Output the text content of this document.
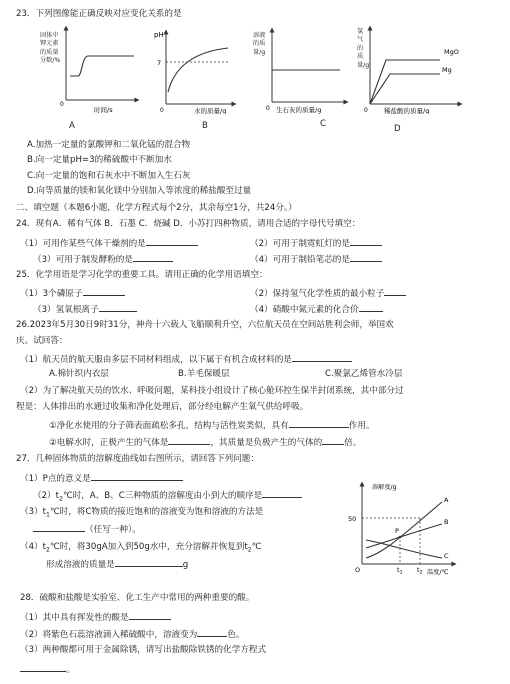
23．下列图像能正确反映对应变化关系的是
0
时间/s
固体中钾元素的质量分数/%
A
pH
7
0	水的质量/g
B
0 生石灰的质量/g
溶液的质量/g
C
0
MgO
Mg
稀盐酸的质量/g
氢气的质量/g
D
A.加热一定量的氯酸钾和二氧化锰的混合物
B.向一定量pH=3的稀硫酸中不断加水
C.向一定量的饱和石灰水中不断加入生石灰
D.向等质量的镁和氧化镁中分别加入等浓度的稀盐酸至过量
二、填空题（本题6小题，化学方程式每个2分，其余每空1分，共24分。）
24．现有A．稀有气体 B．石墨 C．烧碱 D．小苏打四种物质，请用合适的字母代号填空：
（1）可用作某些气体干燥剂的是	（2）可用于制霓虹灯的是
（3）可用于制发酵粉的是	（4）可用于制铅笔芯的是
25．化学用语是学习化学的重要工具。请用正确的化学用语填空：
（1）3个磷原子	（2）保持氢气化学性质的最小粒子
（3）氢氧根离子	（4）硝酸中氮元素的化合价
26.2023年5月30日9时31分，神舟十六载人飞船顺利升空，六位航天员在空间站胜利会师，举国欢
庆。试回答：
（1）航天员的航天服由多层不同材料组成，以下属于有机合成材料的是
A.棉针织内衣层	B.羊毛保暖层	C.聚氯乙烯管水冷层
（2）为了解决航天员的饮水、呼吸问题，某科技小组设计了核心舱环控生保半封闭系统，其中部分过
程是：人体排出的水通过收集和净化处理后，部分经电解产生氧气供给呼吸。
①净化水使用的分子筛表面疏松多孔，结构与活性炭类似，具有	作用。
②电解水时，正极产生的气体是	，其质量是负极产生的气体的	倍。
27．几种固体物质的溶解度曲线如右图所示，请回答下列问题：
（1）P点的意义是
$(2)t_2℃$时，A、B、C三种物质的溶解度由小到大的顺序是
$(3)t_1℃$时，将C物质的接近饱和的溶液变为饱和溶液的方法是
（任写一种）。
$(4)t_2℃$时，将30gA加入到50g水中，充分溶解并恢复到$t_2℃$
形成溶液的质量是	g
溶解度/g
50
O	$t_1$ $t_2$ 温度/℃
P
A
B
C
28．硫酸和盐酸是实验室、化工生产中常用的两种重要的酸。
（1）其中具有挥发性的酸是
（2）将紫色石蕊溶液滴入稀硫酸中，溶液变为	色。
（3）两种酸都可用于金属除锈，请写出盐酸除铁锈的化学方程式
。
